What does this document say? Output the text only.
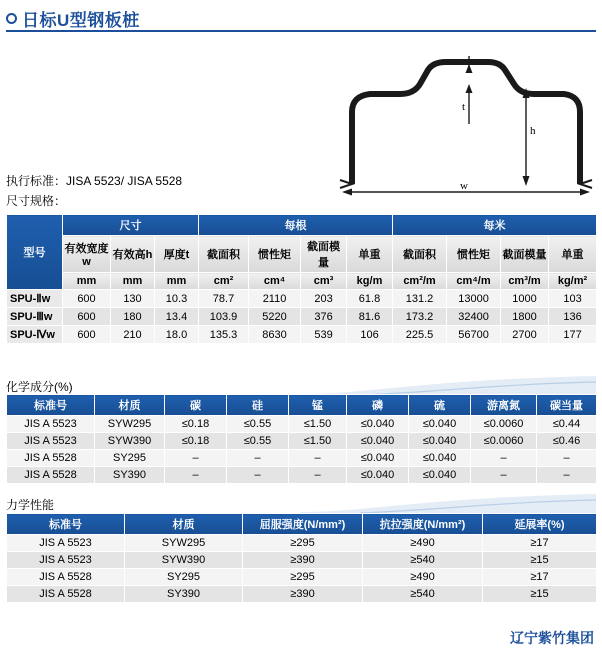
日标U型钢板桩
t
h
w
执行标准：JISA 5523/ JISA 5528
尺寸规格：
型号	尺寸			每根				每米			
	有效宽度w	有效高h	厚度t	截面积	惯性矩	截面模量	单重	截面积	惯性矩	截面模量	单重
	mm	mm	mm	cm²	cm⁴	cm³	kg/m	cm²/m	cm⁴/m	cm³/m	kg/m²
SPU-Ⅱw	600	130	10.3	78.7	2110	203	61.8	131.2	13000	1000	103
SPU-Ⅲw	600	180	13.4	103.9	5220	376	81.6	173.2	32400	1800	136
SPU-Ⅳw	600	210	18.0	135.3	8630	539	106	225.5	56700	2700	177
化学成分(%)
标准号	材质	碳	硅	锰	磷	硫	游离氮	碳当量
JIS A 5523	SYW295	≤0.18	≤0.55	≤1.50	≤0.040	≤0.040	≤0.0060	≤0.44
JIS A 5523	SYW390	≤0.18	≤0.55	≤1.50	≤0.040	≤0.040	≤0.0060	≤0.46
JIS A 5528	SY295	–	–	–	≤0.040	≤0.040	–	–
JIS A 5528	SY390	–	–	–	≤0.040	≤0.040	–	–
力学性能
标准号	材质	屈服强度(N/mm²)	抗拉强度(N/mm²)	延展率(%)
JIS A 5523	SYW295	≥295	≥490	≥17
JIS A 5523	SYW390	≥390	≥540	≥15
JIS A 5528	SY295	≥295	≥490	≥17
JIS A 5528	SY390	≥390	≥540	≥15
辽宁紫竹集团
